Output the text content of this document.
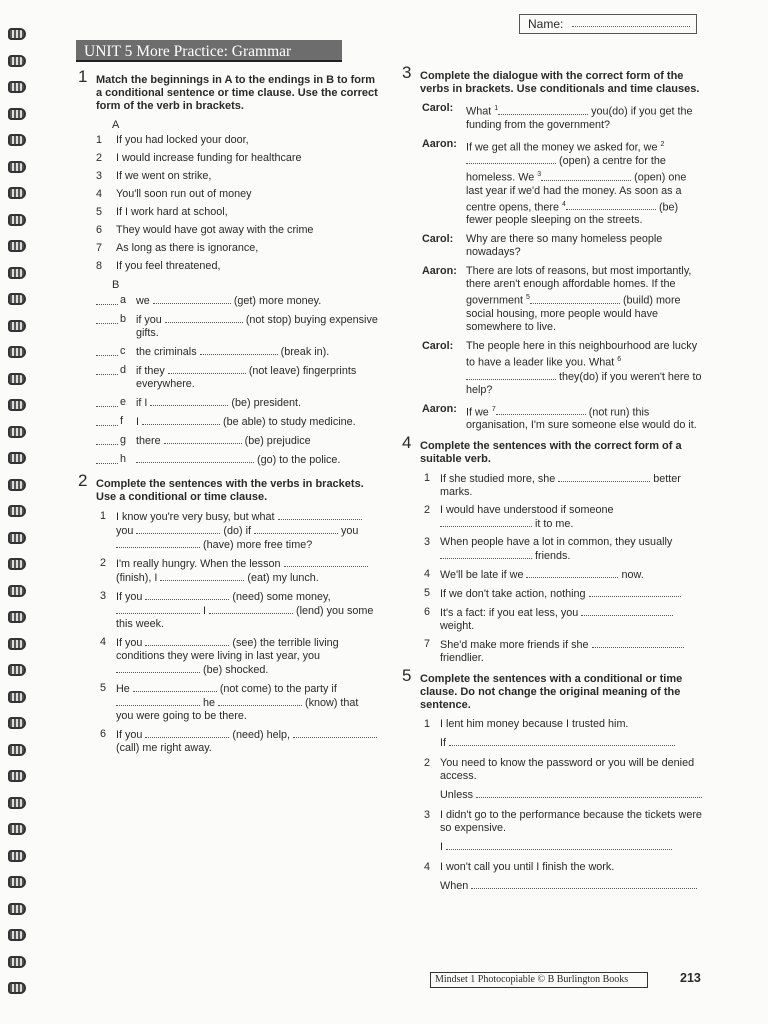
Name:
UNIT 5 More Practice: Grammar
1 Match the beginnings in A to the endings in B to form a conditional sentence or time clause. Use the correct form of the verb in brackets.
A
1 If you had locked your door,
2 I would increase funding for healthcare
3 If we went on strike,
4 You'll soon run out of money
5 If I work hard at school,
6 They would have got away with the crime
7 As long as there is ignorance,
8 If you feel threatened,
B
a we	(get) more money.
b if you	(not stop) buying expensive gifts.
c the criminals	(break in).
d if they	(not leave) fingerprints everywhere.
e if I	(be) president.
f I	(be able) to study medicine.
g there	(be) prejudice
h	(go) to the police.
2 Complete the sentences with the verbs in brackets. Use a conditional or time clause.
1 I know you're very busy, but what  you	(do) if	you  (have) more free time?
2 I'm really hungry. When the lesson  (finish), I	(eat) my lunch.
3 If you	(need) some money,  I	(lend) you some this week.
4 If you	(see) the terrible living conditions they were living in last year, you  (be) shocked.
5 He	(not come) to the party if  he	(know) that you were going to be there.
6 If you	(need) help,  (call) me right away.
3 Complete the dialogue with the correct form of the verbs in brackets. Use conditionals and time clauses.
Carol: What $^1$	you(do) if you get the funding from the government?
Aaron: If we get all the money we asked for, we $^2$ (open) a centre for the homeless. We $^3$	(open) one last year if we'd had the money. As soon as a centre opens, there $^4$	(be) fewer people sleeping on the streets.
Carol: Why are there so many homeless people nowadays?
Aaron: There are lots of reasons, but most importantly, there aren't enough affordable homes. If the government $^5$	(build) more social housing, more people would have somewhere to live.
Carol: The people here in this neighbourhood are lucky to have a leader like you. What $^6$ they(do) if you weren't here to help?
Aaron: If we $^7$	(not run) this organisation, I'm sure someone else would do it.
4 Complete the sentences with the correct form of a suitable verb.
1 If she studied more, she	better marks.
2 I would have understood if someone  it to me.
3 When people have a lot in common, they usually  friends.
4 We'll be late if we	now.
5 If we don't take action, nothing
6 It's a fact: if you eat less, you  weight.
7 She'd make more friends if she  friendlier.
5 Complete the sentences with a conditional or time clause. Do not change the original meaning of the sentence.
1 I lent him money because I trusted him.
If
2 You need to know the password or you will be denied access.
Unless
3 I didn't go to the performance because the tickets were so expensive.
I
4 I won't call you until I finish the work.
When
Mindset 1 Photocopiable © B Burlington Books	213
